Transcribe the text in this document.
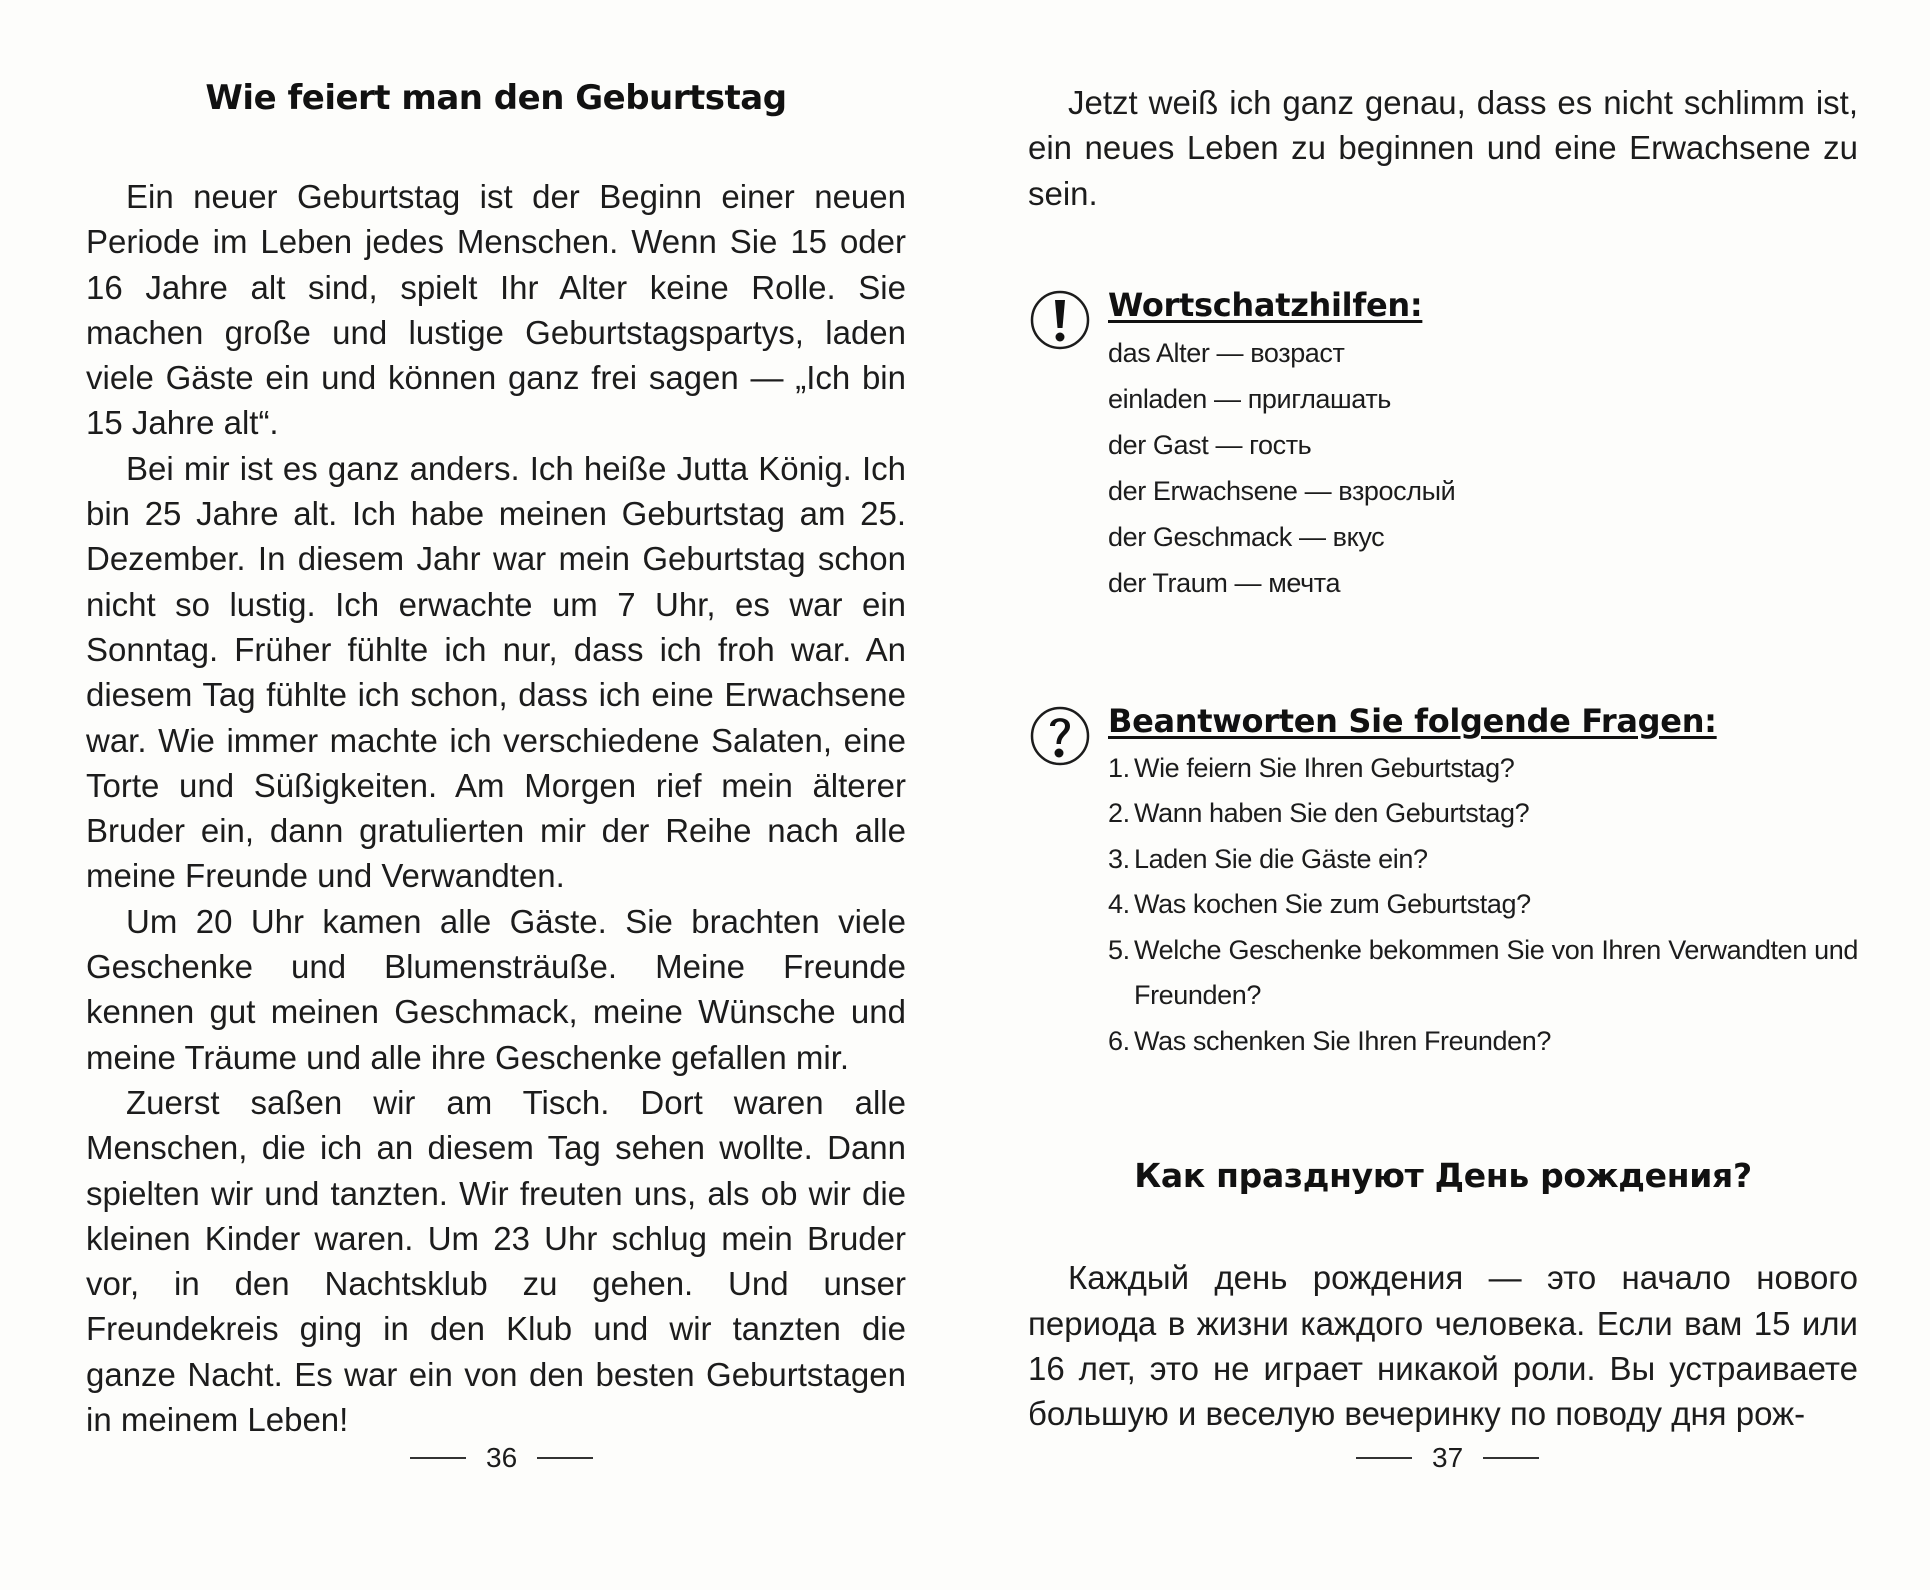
Wie feiert man den Geburtstag

Ein neuer Geburtstag ist der Beginn einer neuen Periode im Leben jedes Menschen. Wenn Sie 15 oder 16 Jahre alt sind, spielt Ihr Alter keine Rolle. Sie machen große und lustige Geburtstagspartys, laden viele Gäste ein und können ganz frei sagen — „Ich bin 15 Jahre alt“.

Bei mir ist es ganz anders. Ich heiße Jutta König. Ich bin 25 Jahre alt. Ich habe meinen Geburtstag am 25. Dezember. In diesem Jahr war mein Geburtstag schon nicht so lustig. Ich erwachte um 7 Uhr, es war ein Sonntag. Früher fühlte ich nur, dass ich froh war. An diesem Tag fühlte ich schon, dass ich eine Erwachsene war. Wie immer machte ich verschiedene Salaten, eine Torte und Süßigkeiten. Am Morgen rief mein älterer Bruder ein, dann gratulierten mir der Reihe nach alle meine Freunde und Verwandten.

Um 20 Uhr kamen alle Gäste. Sie brachten viele Geschenke und Blumensträuße. Meine Freunde kennen gut meinen Geschmack, meine Wünsche und meine Träume und alle ihre Geschenke gefallen mir.

Zuerst saßen wir am Tisch. Dort waren alle Menschen, die ich an diesem Tag sehen wollte. Dann spielten wir und tanzten. Wir freuten uns, als ob wir die kleinen Kinder waren. Um 23 Uhr schlug mein Bruder vor, in den Nachtsklub zu gehen. Und unser Freundekreis ging in den Klub und wir tanzten die ganze Nacht. Es war ein von den besten Geburtstagen in meinem Leben!

36

Jetzt weiß ich ganz genau, dass es nicht schlimm ist, ein neues Leben zu beginnen und eine Erwachsene zu sein.

Wortschatzhilfen:
das Alter — возраст
einladen — приглашать
der Gast — гость
der Erwachsene — взрослый
der Geschmack — вкус
der Traum — мечта
Beantworten Sie folgende Fragen:
1. Wie feiern Sie Ihren Geburtstag?
2. Wann haben Sie den Geburtstag?
3. Laden Sie die Gäste ein?
4. Was kochen Sie zum Geburtstag?
5. Welche Geschenke bekommen Sie von Ihren Verwandten und Freunden?
6. Was schenken Sie Ihren Freunden?
Как празднуют День рождения?

Каждый день рождения — это начало нового периода в жизни каждого человека. Если вам 15 или 16 лет, это не играет никакой роли. Вы устраиваете большую и веселую вечеринку по поводу дня рож-

37
